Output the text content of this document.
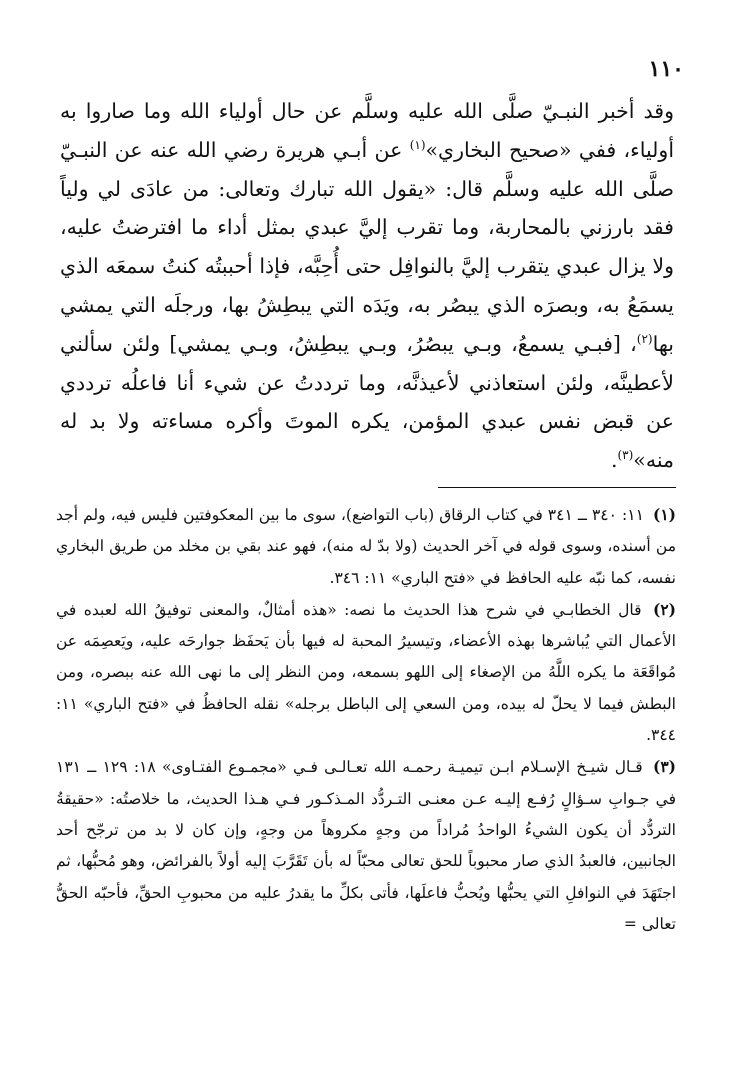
١١٠
وقد أخبر النبـيّ صلَّى الله عليه وسلَّم عن حال أولياء الله وما صاروا به أولياء، ففي «صحيح البخاري»$^{(١)}$ عن أبـي هريرة رضي الله عنه عن النبـيّ صلَّى الله عليه وسلَّم قال: «يقول الله تبارك وتعالى: من عادَى لي ولياً فقد بارزني بالمحاربة، وما تقرب إليَّ عبدي بمثل أداء ما افترضتُ عليه، ولا يزال عبدي يتقرب إليَّ بالنوافِل حتى أُحِبَّه، فإذا أحببتُه كنتُ سمعَه الذي يسمَعُ به، وبصرَه الذي يبصُر به، ويَدَه التي يبطِشُ بها، ورجلَه التي يمشي بها$^{(٢)}$، [فبـي يسمعُ، وبـي يبصُرُ، وبـي يبطِشُ، وبـي يمشي] ولئن سألني لأعطينَّه، ولئن استعاذني لأعيذنَّه، وما ترددتُ عن شيء أنا فاعلُه ترددي عن قبض نفس عبدي المؤمن، يكره الموتَ وأكره مساءته ولا بد له منه»$^{(٣)}$.

(١) ١١: ٣٤٠ ــ ٣٤١ في كتاب الرقاق (باب التواضع)، سوى ما بين المعكوفتين فليس فيه، ولم أجد من أسنده، وسوى قوله في آخر الحديث (ولا بدّ له منه)، فهو عند بقي بن مخلد من طريق البخاري نفسه، كما نبّه عليه الحافظ في «فتح الباري» ١١: ٣٤٦.

(٢) قال الخطابـي في شرح هذا الحديث ما نصه: «هذه أمثالٌ، والمعنى توفيقُ الله لعبده في الأعمال التي يُباشرها بهذه الأعضاء، وتيسيرُ المحبة له فيها بأن يَحفَظ جوارحَه عليه، ويَعصِمَه عن مُواقَعَة ما يكره اللَّهُ من الإصغاء إلى اللهو بسمعه، ومن النظر إلى ما نهى الله عنه ببصره، ومن البطش فيما لا يحلّ له بيده، ومن السعي إلى الباطل برجله» نقله الحافظُ في «فتح الباري» ١١: ٣٤٤.

(٣) قـال شيـخ الإسـلام ابـن تيميـة رحمـه الله تعـالـى فـي «مجمـوع الفتـاوى» ١٨: ١٢٩ ــ ١٣١ في جـوابِ سـؤالٍ رُفـع إليـه عـن معنـى التـردُّد المـذكـور فـي هـذا الحديث، ما خلاصتُه: «حقيقةُ التردُّد أن يكون الشيءُ الواحدُ مُراداً من وجهٍ مكروهاً من وجهٍ، وإن كان لا بد من ترجّح أحد الجانبين، فالعبدُ الذي صار محبوباً للحق تعالى محبّاً له بأن تَقَرَّبَ إليه أولاً بالفرائض، وهو مُحبُّها، ثم اجتَهَدَ في النوافلِ التي يحبُّها ويُحبُّ فاعلَها، فأتى بكلِّ ما يقدرُ عليه من محبوبِ الحقِّ، فأحبّه الحقُّ تعالى =
